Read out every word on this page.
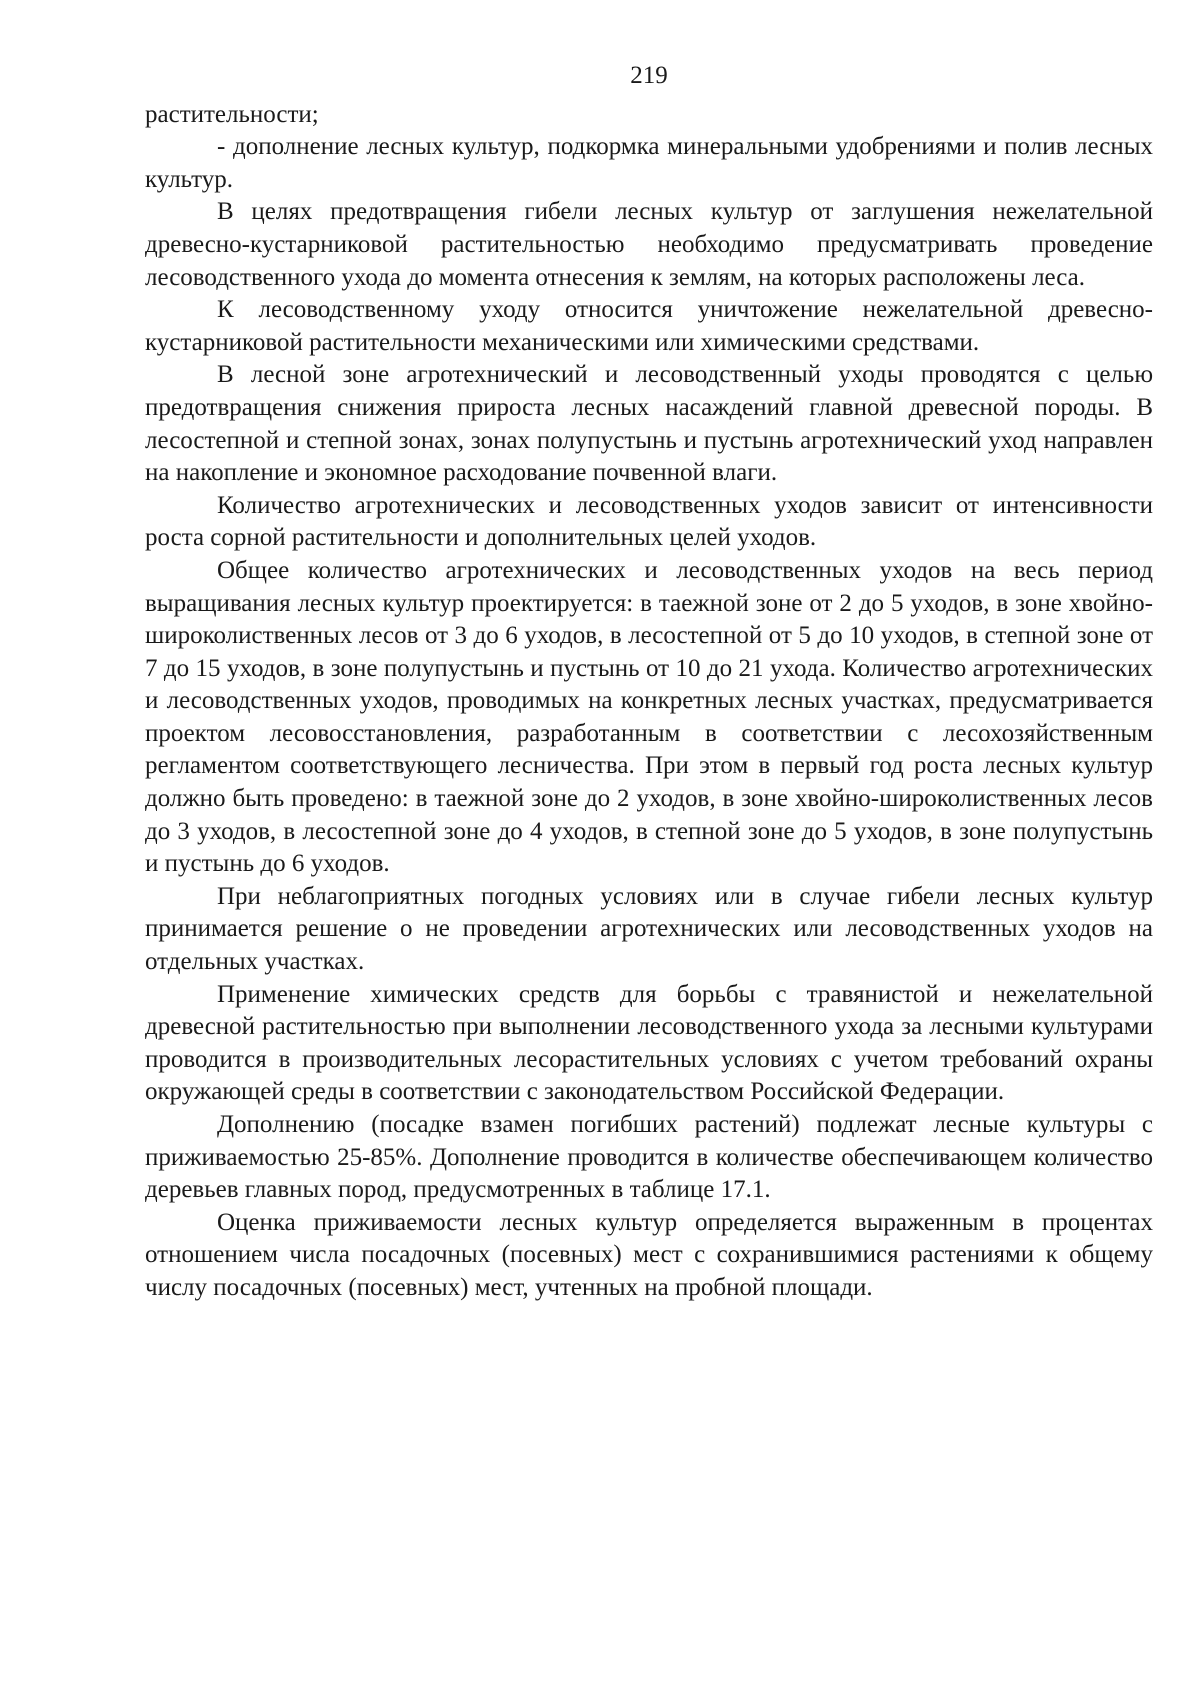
219

растительности;

- дополнение лесных культур, подкормка минеральными удобрениями и полив лесных культур.

В целях предотвращения гибели лесных культур от заглушения нежелательной древесно-кустарниковой растительностью необходимо предусматривать проведение лесоводственного ухода до момента отнесения к землям, на которых расположены леса.

К лесоводственному уходу относится уничтожение нежелательной древесно-кустарниковой растительности механическими или химическими средствами.

В лесной зоне агротехнический и лесоводственный уходы проводятся с целью предотвращения снижения прироста лесных насаждений главной древесной породы. В лесостепной и степной зонах, зонах полупустынь и пустынь агротехнический уход направлен на накопление и экономное расходование почвенной влаги.

Количество агротехнических и лесоводственных уходов зависит от интенсивности роста сорной растительности и дополнительных целей уходов.

Общее количество агротехнических и лесоводственных уходов на весь период выращивания лесных культур проектируется: в таежной зоне от 2 до 5 уходов, в зоне хвойно-широколиственных лесов от 3 до 6 уходов, в лесостепной от 5 до 10 уходов, в степной зоне от 7 до 15 уходов, в зоне полупустынь и пустынь от 10 до 21 ухода. Количество агротехнических и лесоводственных уходов, проводимых на конкретных лесных участках, предусматривается проектом лесовосстановления, разработанным в соответствии с лесохозяйственным регламентом соответствующего лесничества. При этом в первый год роста лесных культур должно быть проведено: в таежной зоне до 2 уходов, в зоне хвойно-широколиственных лесов до 3 уходов, в лесостепной зоне до 4 уходов, в степной зоне до 5 уходов, в зоне полупустынь и пустынь до 6 уходов.

При неблагоприятных погодных условиях или в случае гибели лесных культур принимается решение о не проведении агротехнических или лесоводственных уходов на отдельных участках.

Применение химических средств для борьбы с травянистой и нежелательной древесной растительностью при выполнении лесоводственного ухода за лесными культурами проводится в производительных лесорастительных условиях с учетом требований охраны окружающей среды в соответствии с законодательством Российской Федерации.

Дополнению (посадке взамен погибших растений) подлежат лесные культуры с приживаемостью 25-85%. Дополнение проводится в количестве обеспечивающем количество деревьев главных пород, предусмотренных в таблице 17.1.

Оценка приживаемости лесных культур определяется выраженным в процентах отношением числа посадочных (посевных) мест с сохранившимися растениями к общему числу посадочных (посевных) мест, учтенных на пробной площади.
